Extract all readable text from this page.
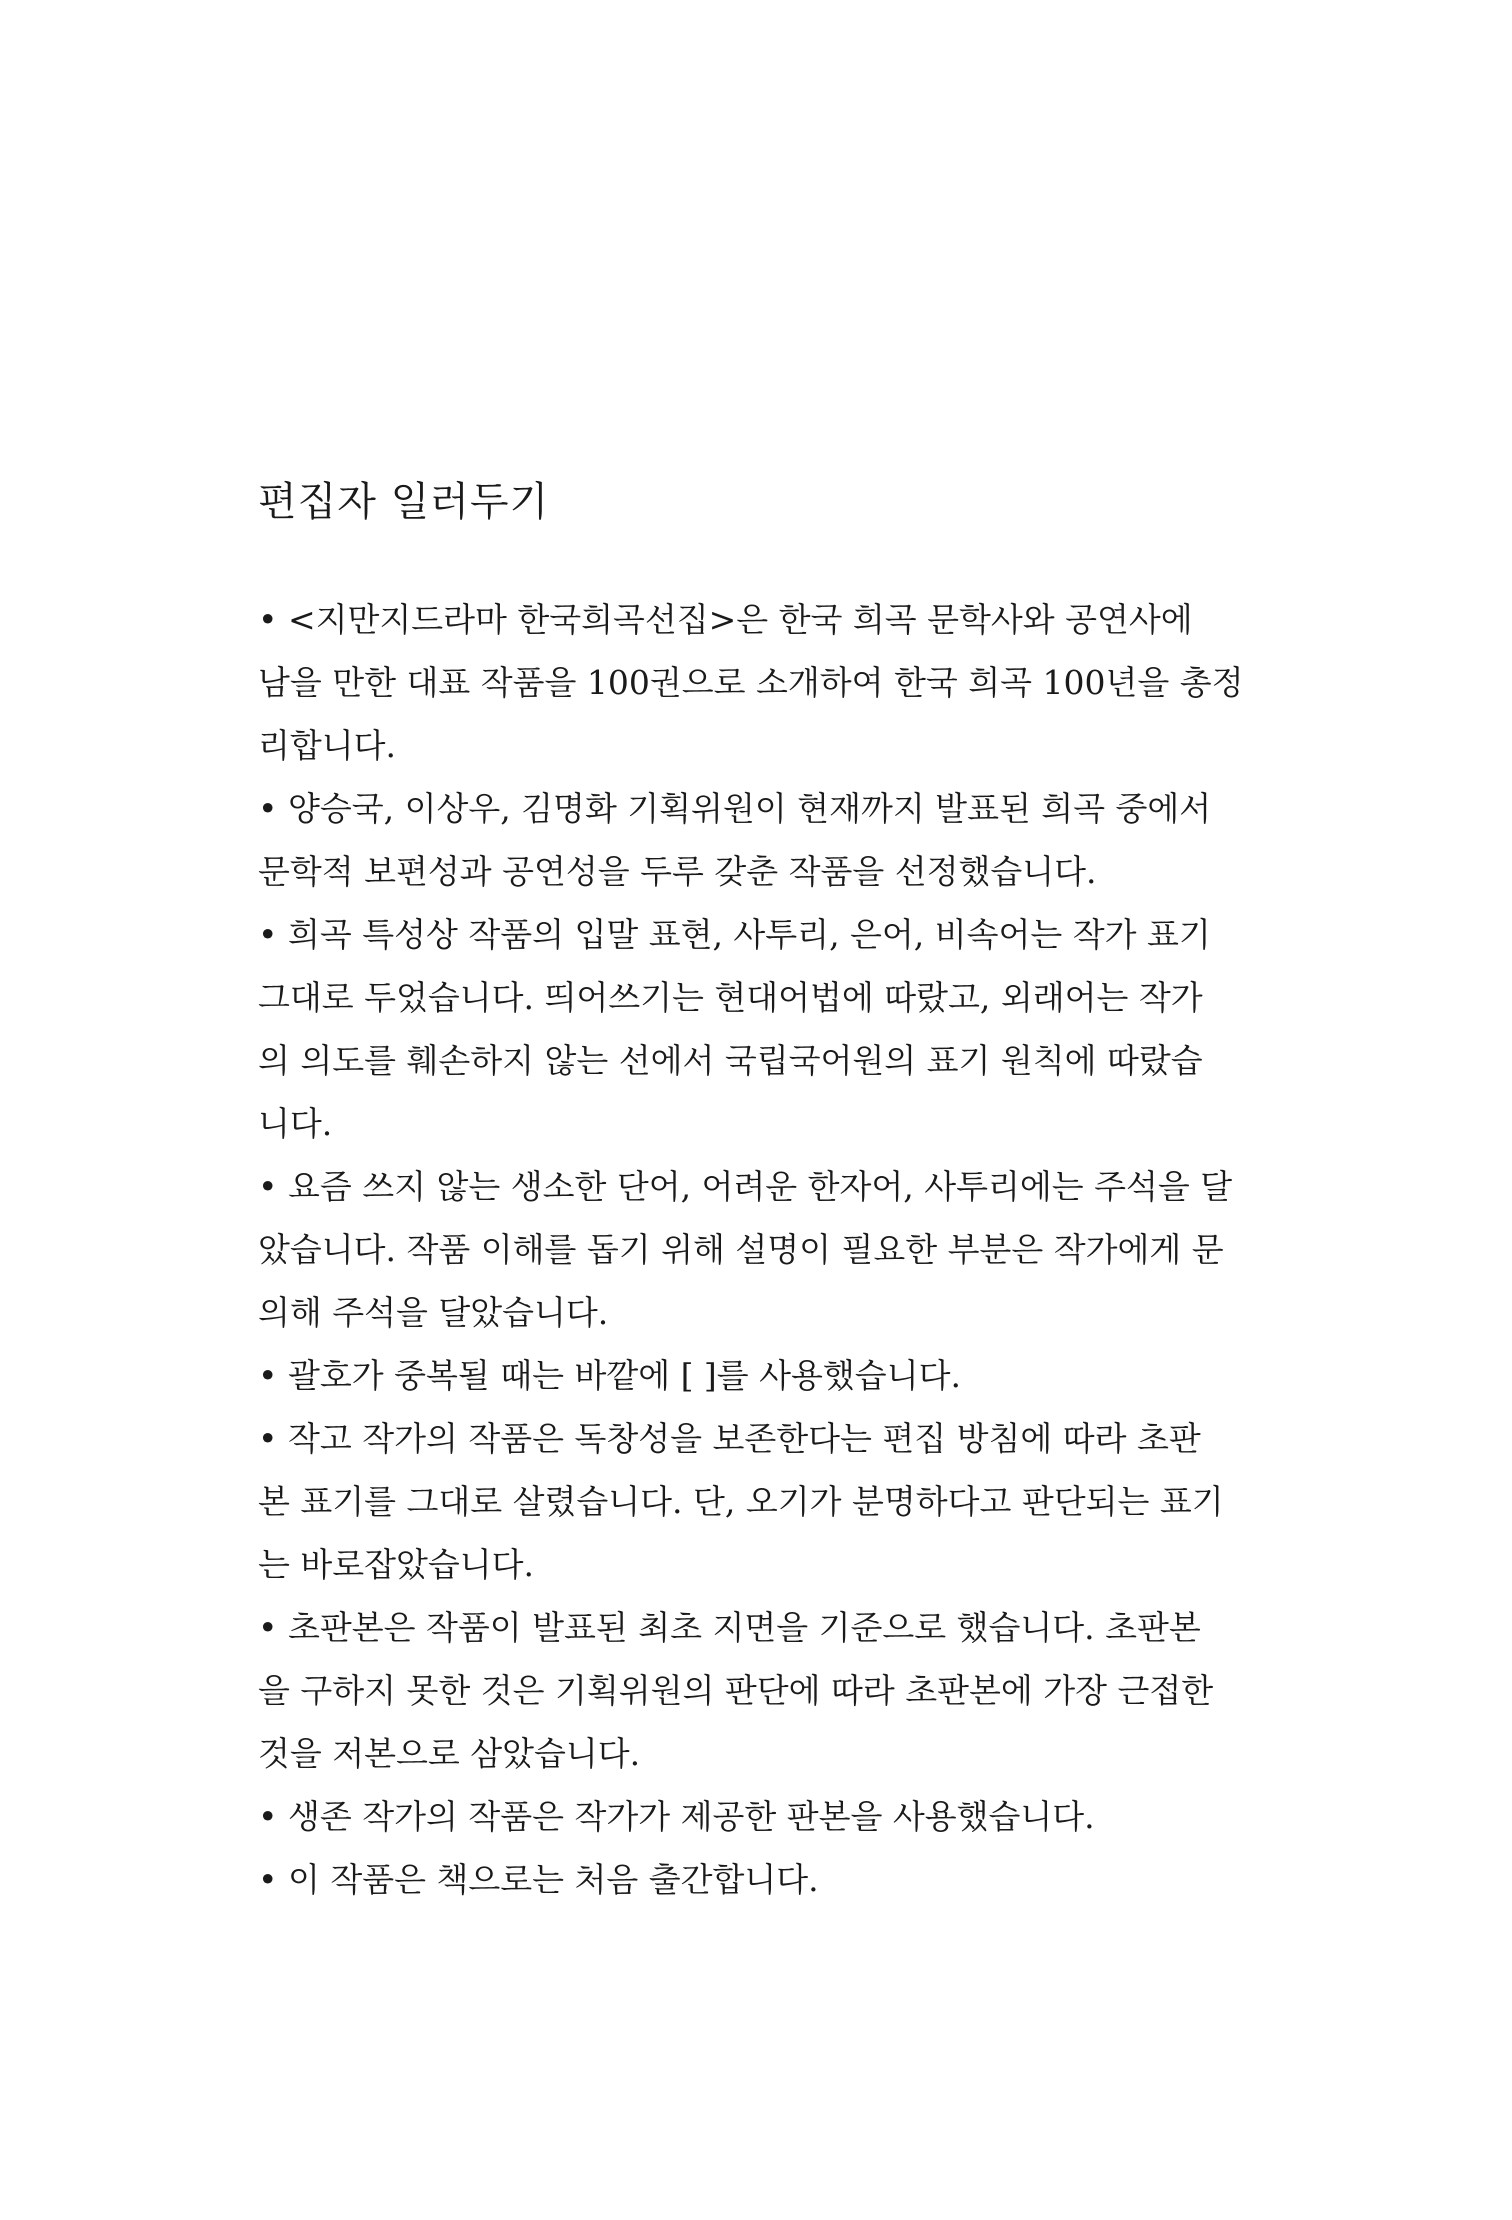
편집자 일러두기
• <지만지드라마 한국희곡선집>은 한국 희곡 문학사와 공연사에
남을 만한 대표 작품을 100권으로 소개하여 한국 희곡 100년을 총정
리합니다.
• 양승국, 이상우, 김명화 기획위원이 현재까지 발표된 희곡 중에서
문학적 보편성과 공연성을 두루 갖춘 작품을 선정했습니다.
• 희곡 특성상 작품의 입말 표현, 사투리, 은어, 비속어는 작가 표기
그대로 두었습니다. 띄어쓰기는 현대어법에 따랐고, 외래어는 작가
의 의도를 훼손하지 않는 선에서 국립국어원의 표기 원칙에 따랐습
니다.
• 요즘 쓰지 않는 생소한 단어, 어려운 한자어, 사투리에는 주석을 달
았습니다. 작품 이해를 돕기 위해 설명이 필요한 부분은 작가에게 문
의해 주석을 달았습니다.
• 괄호가 중복될 때는 바깥에 [ ]를 사용했습니다.
• 작고 작가의 작품은 독창성을 보존한다는 편집 방침에 따라 초판
본 표기를 그대로 살렸습니다. 단, 오기가 분명하다고 판단되는 표기
는 바로잡았습니다.
• 초판본은 작품이 발표된 최초 지면을 기준으로 했습니다. 초판본
을 구하지 못한 것은 기획위원의 판단에 따라 초판본에 가장 근접한
것을 저본으로 삼았습니다.
• 생존 작가의 작품은 작가가 제공한 판본을 사용했습니다.
• 이 작품은 책으로는 처음 출간합니다.
